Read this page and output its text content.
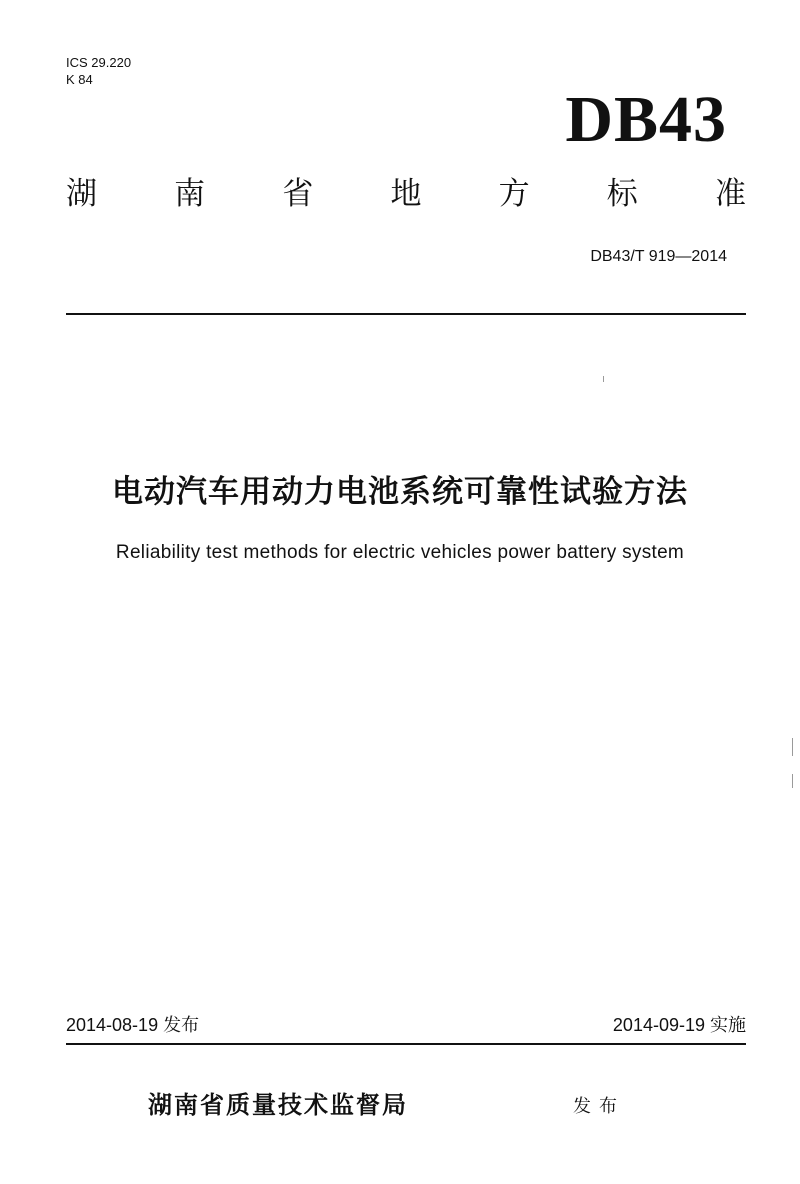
ICS 29.220
K 84
DB43
湖 南 省 地 方 标 准
DB43/T 919—2014
电动汽车用动力电池系统可靠性试验方法
Reliability test methods for electric vehicles power battery system
2014-08-19 发布	2014-09-19 实施
湖南省质量技术监督局	发布
